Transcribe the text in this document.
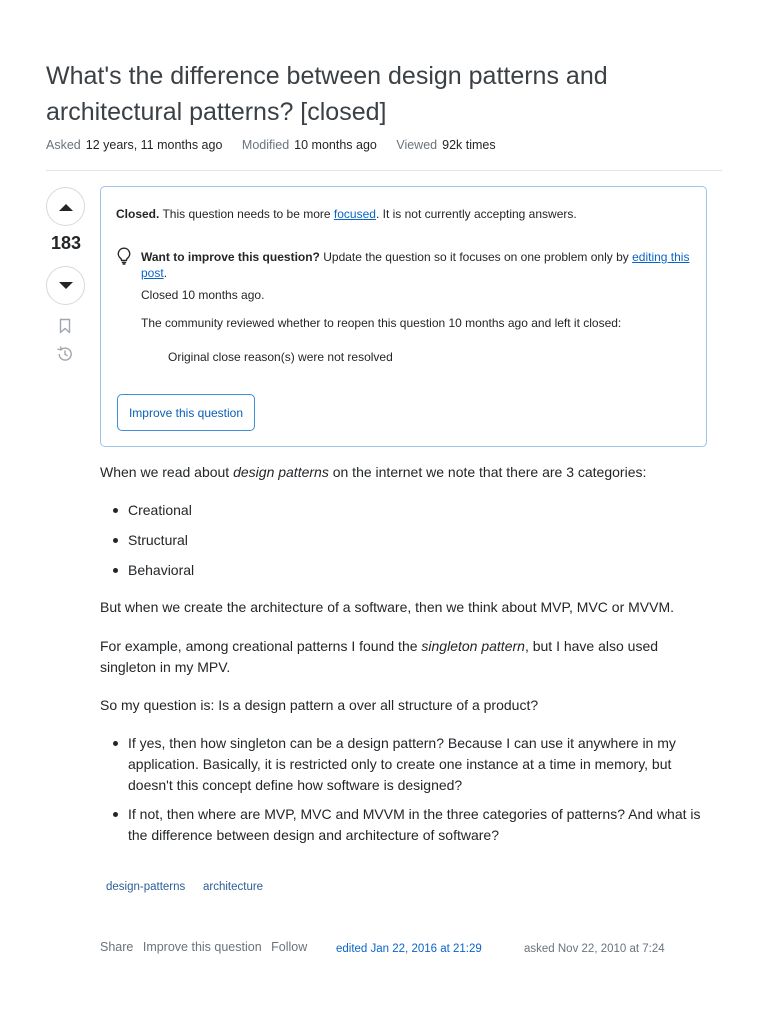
What's the difference between design patterns and architectural patterns? [closed]
Asked 12 years, 11 months ago Modified 10 months ago Viewed 92k times
183
Closed. This question needs to be more focused. It is not currently accepting answers.
Want to improve this question? Update the question so it focuses on one problem only by editing this post.
Closed 10 months ago.
The community reviewed whether to reopen this question 10 months ago and left it closed:
Original close reason(s) were not resolved
Improve this question
When we read about design patterns on the internet we note that there are 3 categories:
Creational
Structural
Behavioral
But when we create the architecture of a software, then we think about MVP, MVC or MVVM.
For example, among creational patterns I found the singleton pattern, but I have also used singleton in my MPV.
So my question is: Is a design pattern a over all structure of a product?
If yes, then how singleton can be a design pattern? Because I can use it anywhere in my application. Basically, it is restricted only to create one instance at a time in memory, but doesn't this concept define how software is designed?
If not, then where are MVP, MVC and MVVM in the three categories of patterns? And what is the difference between design and architecture of software?
design-patterns	architecture
Share Improve this question Follow	edited Jan 22, 2016 at 21:29	asked Nov 22, 2010 at 7:24
